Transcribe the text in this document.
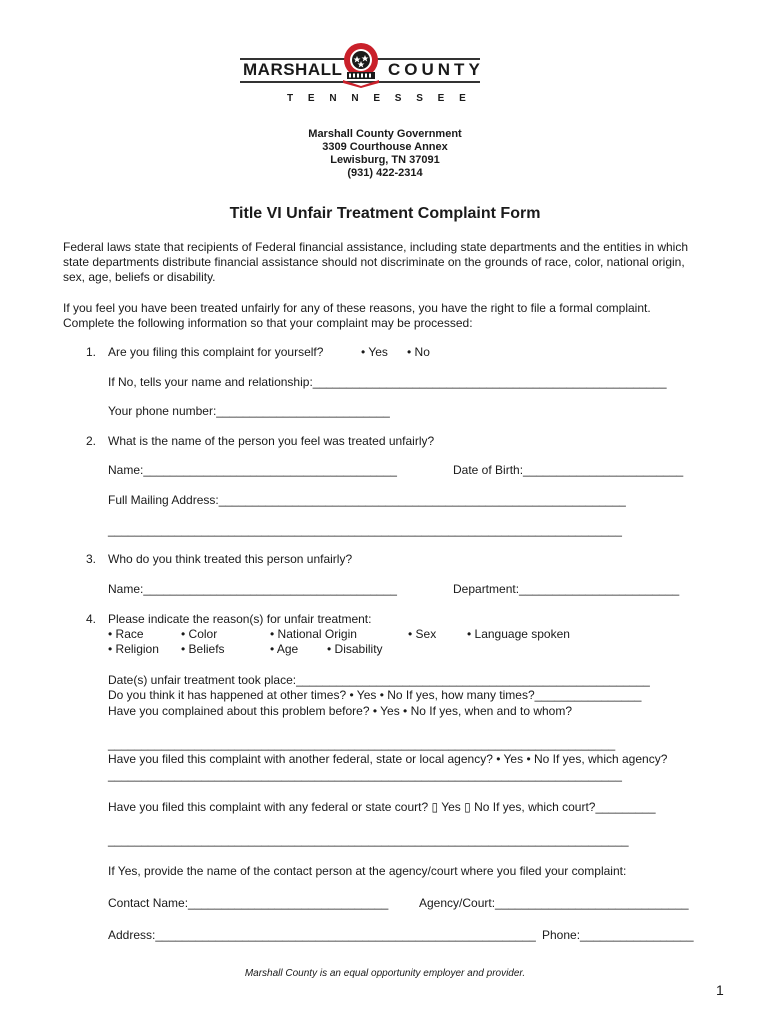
MARSHALL	COUNTY
T E N N E S S E E
Marshall County Government
3309 Courthouse Annex
Lewisburg, TN 37091
(931) 422-2314
Title VI Unfair Treatment Complaint Form
Federal laws state that recipients of Federal financial assistance, including state departments and the entities in which
state departments distribute financial assistance should not discriminate on the grounds of race, color, national origin,
sex, age, beliefs or disability.
If you feel you have been treated unfairly for any of these reasons, you have the right to file a formal complaint.
Complete the following information so that your complaint may be processed:
1. Are you filing this complaint for yourself?	• Yes • No
If No, tells your name and relationship:_____________________________________________________
Your phone number:__________________________
2. What is the name of the person you feel was treated unfairly?
Name:______________________________________	Date of Birth:________________________
Full Mailing Address:_____________________________________________________________
_____________________________________________________________________________
3. Who do you think treated this person unfairly?
Name:______________________________________	Department:________________________
4. Please indicate the reason(s) for unfair treatment:
• Race	• Color	• National Origin	• Sex	• Language spoken
• Religion • Beliefs	• Age • Disability
Date(s) unfair treatment took place:_____________________________________________________
Do you think it has happened at other times? • Yes • No If yes, how many times?________________
Have you complained about this problem before? • Yes • No If yes, when and to whom?
____________________________________________________________________________
Have you filed this complaint with another federal, state or local agency? • Yes • No If yes, which agency?
_____________________________________________________________________________
Have you filed this complaint with any federal or state court? ▯ Yes ▯ No If yes, which court?_________
______________________________________________________________________________
If Yes, provide the name of the contact person at the agency/court where you filed your complaint:
Contact Name:______________________________	Agency/Court:_____________________________
Address:_________________________________________________________ Phone:_________________
Marshall County is an equal opportunity employer and provider.
1
